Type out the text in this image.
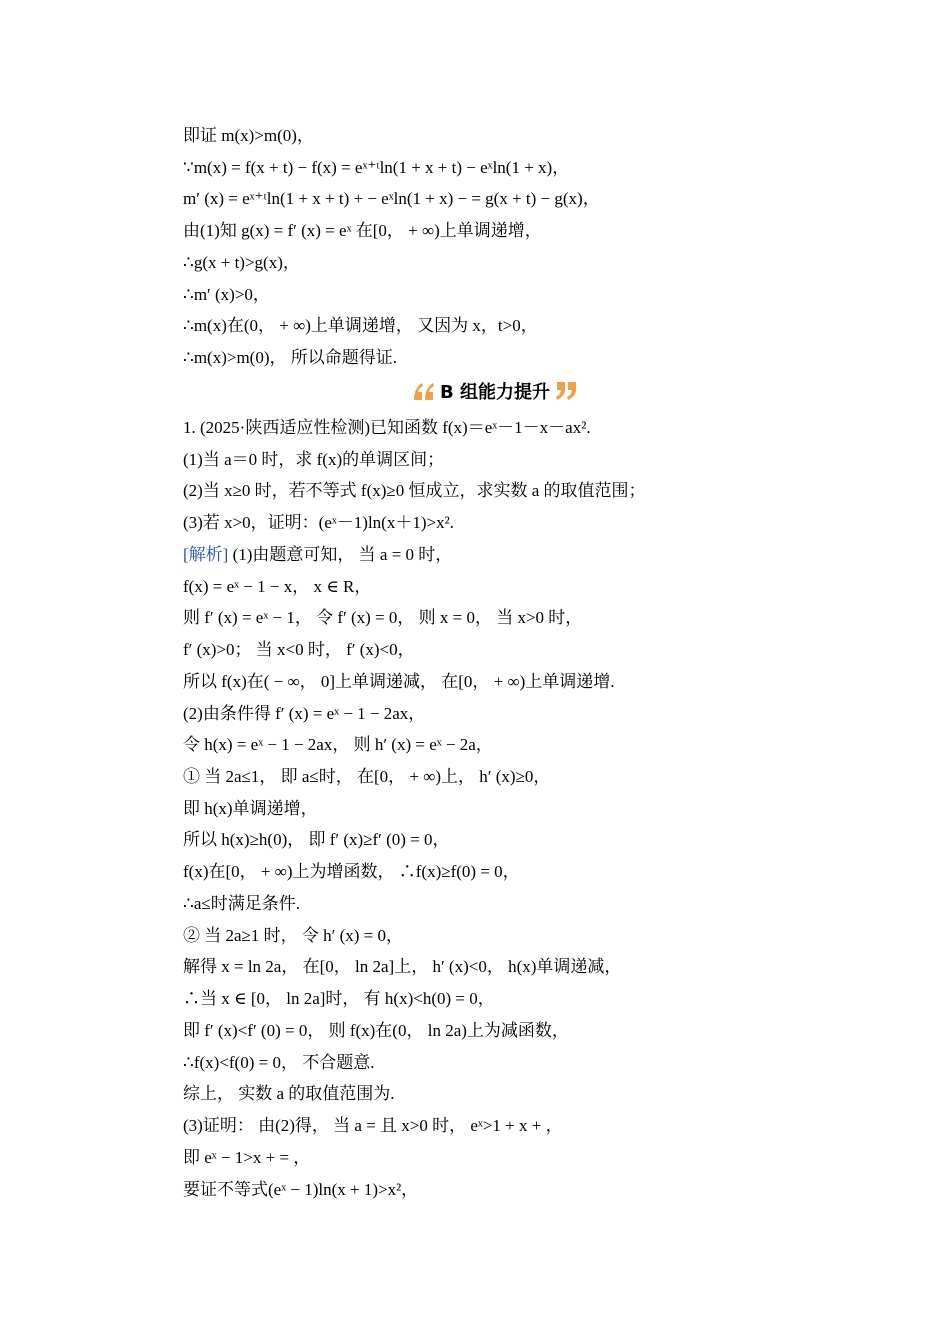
即证 m(x)>m(0)，
∵m(x) = f(x + t) − f(x) = eˣ⁺ᵗln(1 + x + t) − eˣln(1 + x)，
m′ (x) = eˣ⁺ᵗln(1 + x + t) + − eˣln(1 + x) − = g(x + t) − g(x)，
由(1)知 g(x) = f′ (x) = eˣ 在[0， + ∞)上单调递增，
∴g(x + t)>g(x)，
∴m′ (x)>0，
∴m(x)在(0， + ∞)上单调递增， 又因为 x，t>0，
∴m(x)>m(0)， 所以命题得证.
B 组能力提升
1. (2025·陕西适应性检测)已知函数 f(x)＝eˣ－1－x－ax².
(1)当 a＝0 时，求 f(x)的单调区间；
(2)当 x≥0 时，若不等式 f(x)≥0 恒成立，求实数 a 的取值范围；
(3)若 x>0，证明：(eˣ－1)ln(x＋1)>x².
[解析] (1)由题意可知， 当 a = 0 时，
f(x) = eˣ − 1 − x， x ∈ R，
则 f′ (x) = eˣ − 1， 令 f′ (x) = 0， 则 x = 0， 当 x>0 时，
f′ (x)>0； 当 x<0 时， f′ (x)<0，
所以 f(x)在( − ∞， 0]上单调递减， 在[0， + ∞)上单调递增.
(2)由条件得 f′ (x) = eˣ − 1 − 2ax，
令 h(x) = eˣ − 1 − 2ax， 则 h′ (x) = eˣ − 2a，
① 当 2a≤1， 即 a≤时， 在[0， + ∞)上， h′ (x)≥0，
即 h(x)单调递增，
所以 h(x)≥h(0)， 即 f′ (x)≥f′ (0) = 0，
f(x)在[0， + ∞)上为增函数， ∴f(x)≥f(0) = 0，
∴a≤时满足条件.
② 当 2a≥1 时， 令 h′ (x) = 0，
解得 x = ln 2a， 在[0， ln 2a]上， h′ (x)<0， h(x)单调递减，
∴当 x ∈ [0， ln 2a]时， 有 h(x)<h(0) = 0，
即 f′ (x)<f′ (0) = 0， 则 f(x)在(0， ln 2a)上为减函数，
∴f(x)<f(0) = 0， 不合题意.
综上， 实数 a 的取值范围为.
(3)证明： 由(2)得， 当 a = 且 x>0 时， eˣ>1 + x + ，
即 eˣ − 1>x + = ，
要证不等式(eˣ − 1)ln(x + 1)>x²，
